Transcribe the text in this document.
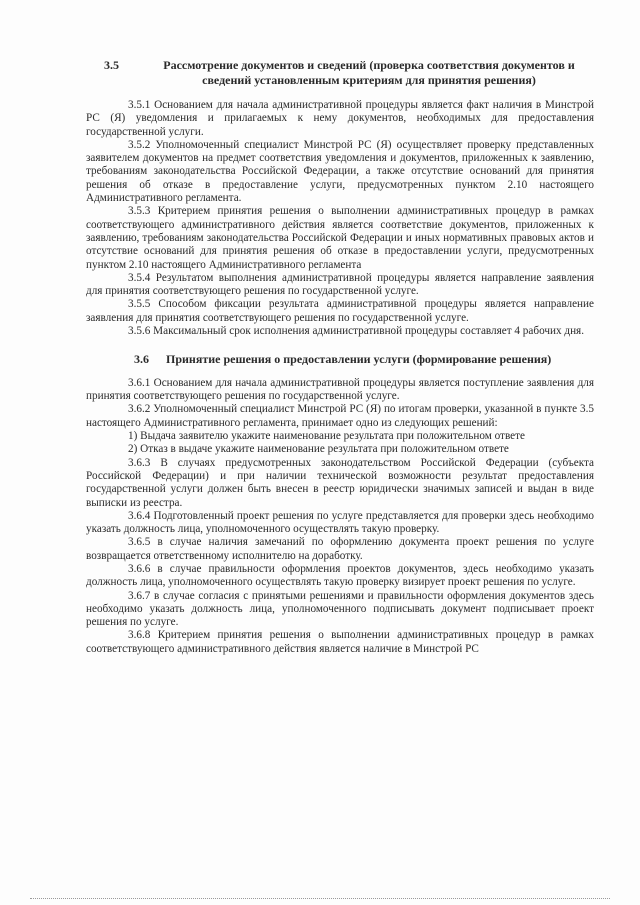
3.5	Рассмотрение документов и сведений (проверка соответствия документов и сведений установленным критериям для принятия решения)

3.5.1 Основанием для начала административной процедуры является факт наличия в Минстрой РС (Я) уведомления и прилагаемых к нему документов, необходимых для предоставления государственной услуги.

3.5.2 Уполномоченный специалист Минстрой РС (Я) осуществляет проверку представленных заявителем документов на предмет соответствия уведомления и документов, приложенных к заявлению, требованиям законодательства Российской Федерации, а также отсутствие оснований для принятия решения об отказе в предоставление услуги, предусмотренных пунктом 2.10 настоящего Административного регламента.

3.5.3 Критерием принятия решения о выполнении административных процедур в рамках соответствующего административного действия является соответствие документов, приложенных к заявлению, требованиям законодательства Российской Федерации и иных нормативных правовых актов и отсутствие оснований для принятия решения об отказе в предоставлении услуги, предусмотренных пунктом 2.10 настоящего Административного регламента

3.5.4 Результатом выполнения административной процедуры является направление заявления для принятия соответствующего решения по государственной услуге.

3.5.5 Способом фиксации результата административной процедуры является направление заявления для принятия соответствующего решения по государственной услуге.

3.5.6 Максимальный срок исполнения административной процедуры составляет 4 рабочих дня.

3.6	Принятие решения о предоставлении услуги (формирование решения)

3.6.1 Основанием для начала административной процедуры является поступление заявления для принятия соответствующего решения по государственной услуге.

3.6.2 Уполномоченный специалист Минстрой РС (Я) по итогам проверки, указанной в пункте 3.5 настоящего Административного регламента, принимает одно из следующих решений:

1) Выдача заявителю укажите наименование результата при положительном ответе

2) Отказ в выдаче укажите наименование результата при положительном ответе

3.6.3 В случаях предусмотренных законодательством Российской Федерации (субъекта Российской Федерации) и при наличии технической возможности результат предоставления государственной услуги должен быть внесен в реестр юридически значимых записей и выдан в виде выписки из реестра.

3.6.4 Подготовленный проект решения по услуге представляется для проверки здесь необходимо указать должность лица, уполномоченного осуществлять такую проверку.

3.6.5 в случае наличия замечаний по оформлению документа проект решения по услуге возвращается ответственному исполнителю на доработку.

3.6.6 в случае правильности оформления проектов документов, здесь необходимо указать должность лица, уполномоченного осуществлять такую проверку визирует проект решения по услуге.

3.6.7 в случае согласия с принятыми решениями и правильности оформления документов здесь необходимо указать должность лица, уполномоченного подписывать документ подписывает проект решения по услуге.

3.6.8 Критерием принятия решения о выполнении административных процедур в рамках соответствующего административного действия является наличие в Минстрой РС
